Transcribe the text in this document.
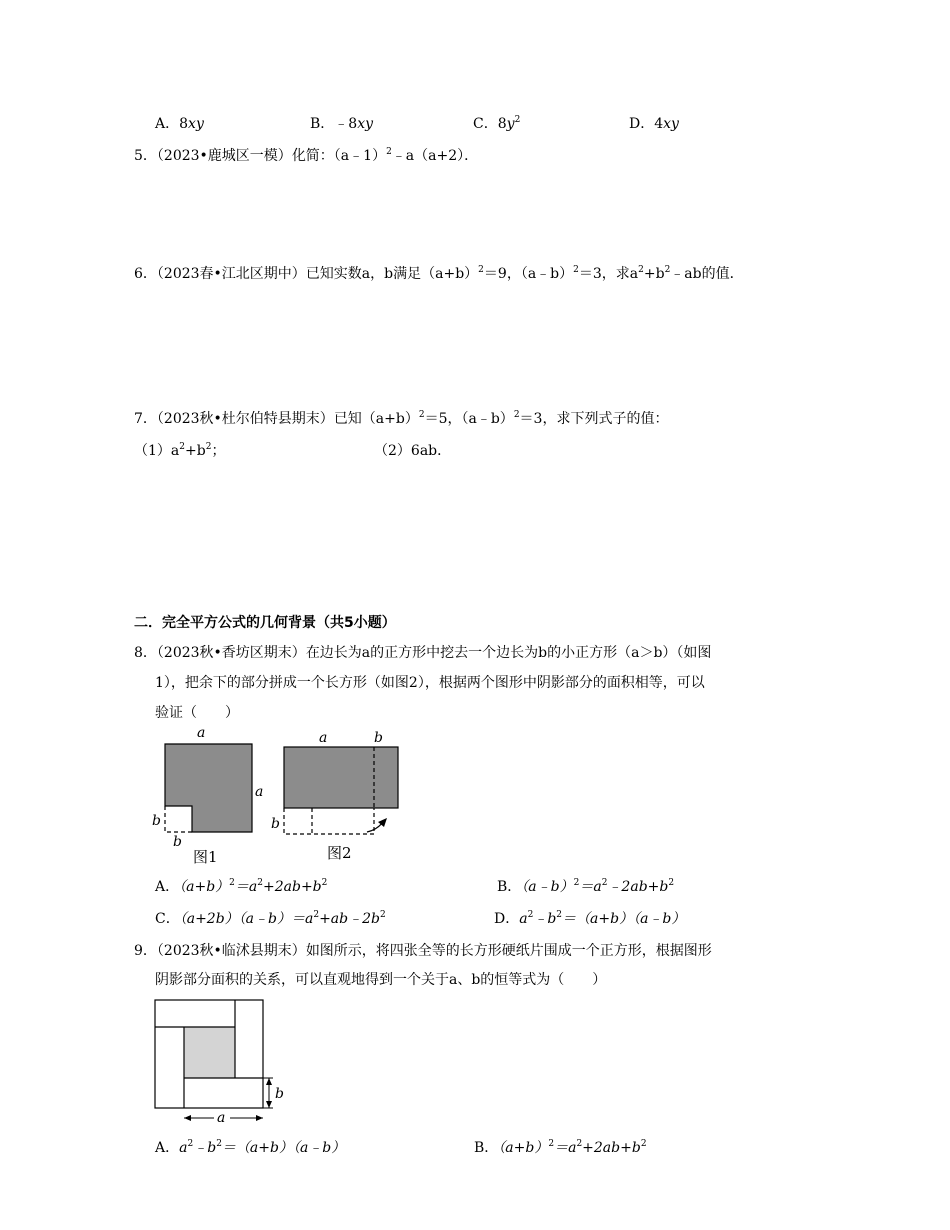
A．8xy	B．﹣8xy	C．$8y^2$	D．4xy
5．（2023•鹿城区一模）化简：（a﹣1）$^2$﹣a（a+2）．
6．（2023春•江北区期中）已知实数a，b满足$(a+b)^2=9$，（a﹣b）$^2$＝3，求$a^2+b^2﹣ab$的值．
7．（2023秋•杜尔伯特县期末）已知$(a+b)^2=5$，（a﹣b）$^2$＝3，求下列式子的值：
$(1)a^2+b^2$；	（2）6ab．
二．完全平方公式的几何背景（共5小题）
8．（2023秋•香坊区期末）在边长为a的正方形中挖去一个边长为b的小正方形（a＞b）（如图
1），把余下的部分拼成一个长方形（如图2），根据两个图形中阴影部分的面积相等，可以
验证（　　）
a
a
b
b
图1
a	b
b
图2
A．$(a+b)^2=a^2+2ab+b^2$	B．$(a﹣b)^2=a^2﹣2ab+b^2$
C．$(a+2b)(a﹣b)=a^2+ab﹣2b^2$	D．$a^2﹣b^2=(a+b)(a﹣b)$
9．（2023秋•临沭县期末）如图所示，将四张全等的长方形硬纸片围成一个正方形，根据图形
阴影部分面积的关系，可以直观地得到一个关于a、b的恒等式为（　　）
a
b
A．$a^2﹣b^2=(a+b)(a﹣b)$	B．$(a+b)^2=a^2+2ab+b^2$
